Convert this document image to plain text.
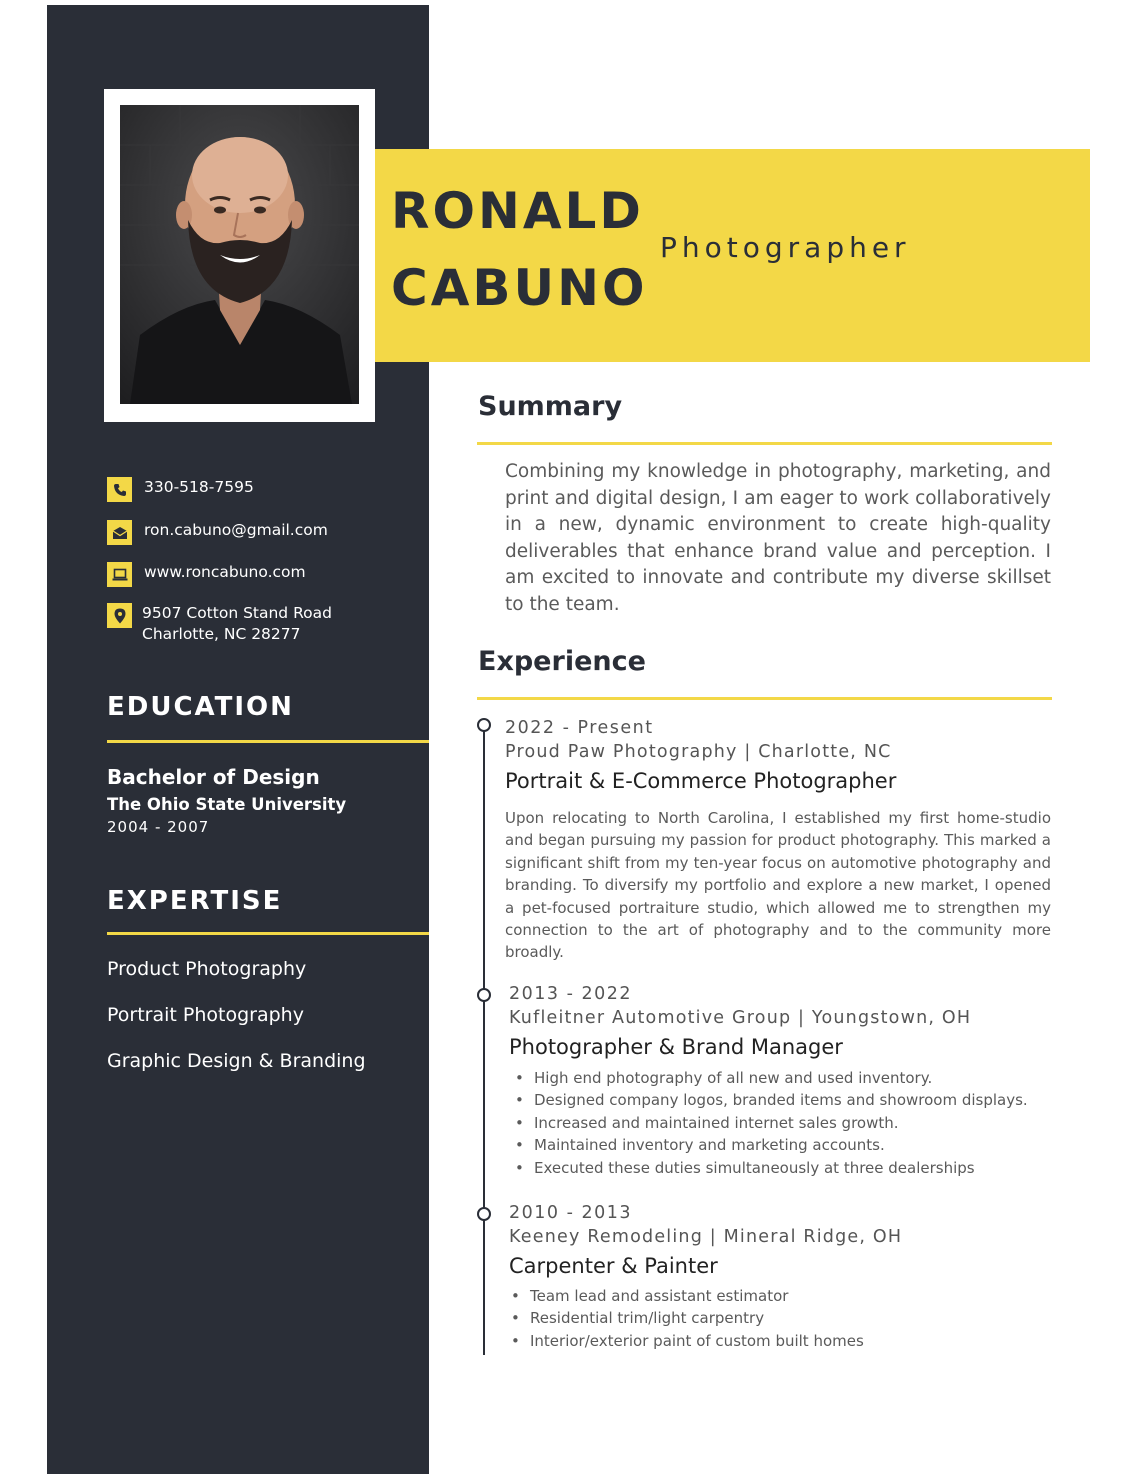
RONALD
CABUNO
Photographer
330-518-7595
ron.cabuno@gmail.com
www.roncabuno.com
9507 Cotton Stand Road
Charlotte, NC 28277
EDUCATION
Bachelor of Design
The Ohio State University
2004 - 2007
EXPERTISE
Product Photography
Portrait Photography
Graphic Design & Branding
Summary
Combining my knowledge in photography, marketing, and print and digital design, I am eager to work collaboratively in a new, dynamic environment to create high-quality deliverables that enhance brand value and perception. I am excited to innovate and contribute my diverse skillset to the team.
Experience
2022 - Present
Proud Paw Photography | Charlotte, NC
Portrait & E-Commerce Photographer
Upon relocating to North Carolina, I established my first home-studio and began pursuing my passion for product photography. This marked a significant shift from my ten-year focus on automotive photography and branding. To diversify my portfolio and explore a new market, I opened a pet-focused portraiture studio, which allowed me to strengthen my connection to the art of photography and to the community more broadly.
2013 - 2022
Kufleitner Automotive Group | Youngstown, OH
Photographer & Brand Manager
• High end photography of all new and used inventory.
• Designed company logos, branded items and showroom displays.
• Increased and maintained internet sales growth.
• Maintained inventory and marketing accounts.
• Executed these duties simultaneously at three dealerships
2010 - 2013
Keeney Remodeling | Mineral Ridge, OH
Carpenter & Painter
• Team lead and assistant estimator
• Residential trim/light carpentry
• Interior/exterior paint of custom built homes
